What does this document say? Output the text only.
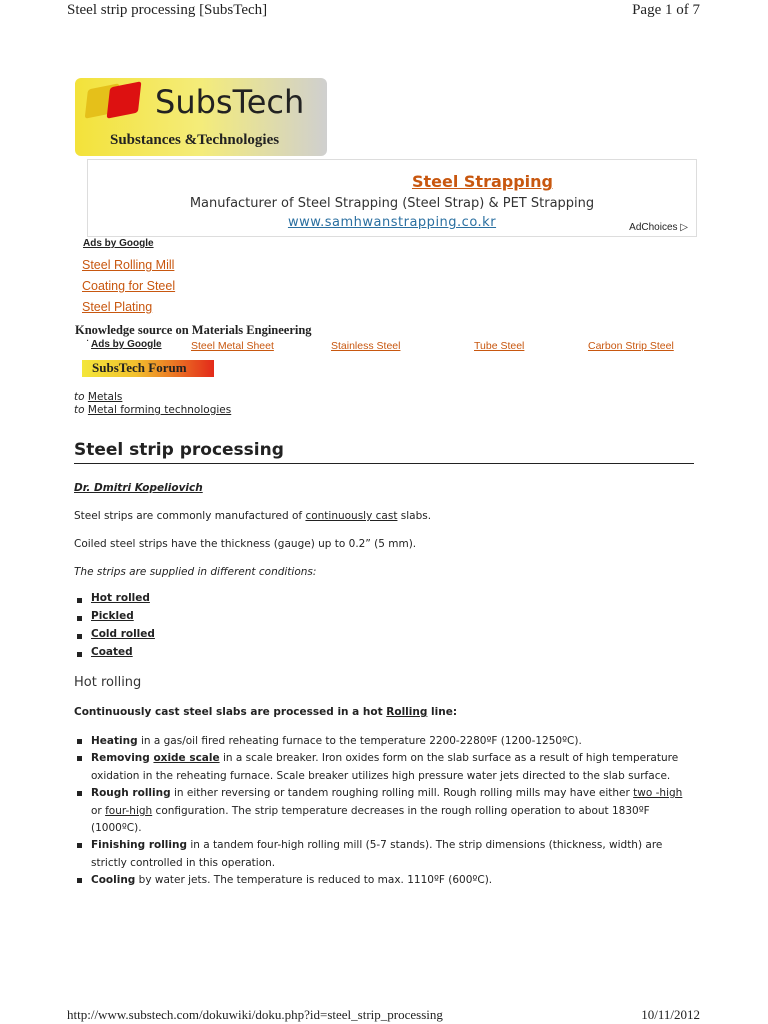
Steel strip processing [SubsTech]	Page 1 of 7
SubsTech
Substances &Technologies
Steel Strapping
Manufacturer of Steel Strapping (Steel Strap) & PET Strapping
www.samhwanstrapping.co.kr	AdChoices ▷
Ads by Google
Steel Rolling Mill
Coating for Steel
Steel Plating
Knowledge source on Materials Engineering
· Ads by Google	Steel Metal Sheet	Stainless Steel	Tube Steel	Carbon Strip Steel
SubsTech Forum
to Metals
to Metal forming technologies
Steel strip processing
Dr. Dmitri Kopeliovich
Steel strips are commonly manufactured of continuously cast slabs.
Coiled steel strips have the thickness (gauge) up to 0.2” (5 mm).
The strips are supplied in different conditions:
Hot rolled
Pickled
Cold rolled
Coated
Hot rolling
Continuously cast steel slabs are processed in a hot Rolling line:
Heating in a gas/oil fired reheating furnace to the temperature 2200-2280ºF (1200-1250ºC).
Removing oxide scale in a scale breaker. Iron oxides form on the slab surface as a result of high temperature oxidation in the reheating furnace. Scale breaker utilizes high pressure water jets directed to the slab surface.
Rough rolling in either reversing or tandem roughing rolling mill. Rough rolling mills may have either two -high or four-high configuration. The strip temperature decreases in the rough rolling operation to about 1830ºF (1000ºC).
Finishing rolling in a tandem four-high rolling mill (5-7 stands). The strip dimensions (thickness, width) are strictly controlled in this operation.
Cooling by water jets. The temperature is reduced to max. 1110ºF (600ºC).
http://www.substech.com/dokuwiki/doku.php?id=steel_strip_processing	10/11/2012
